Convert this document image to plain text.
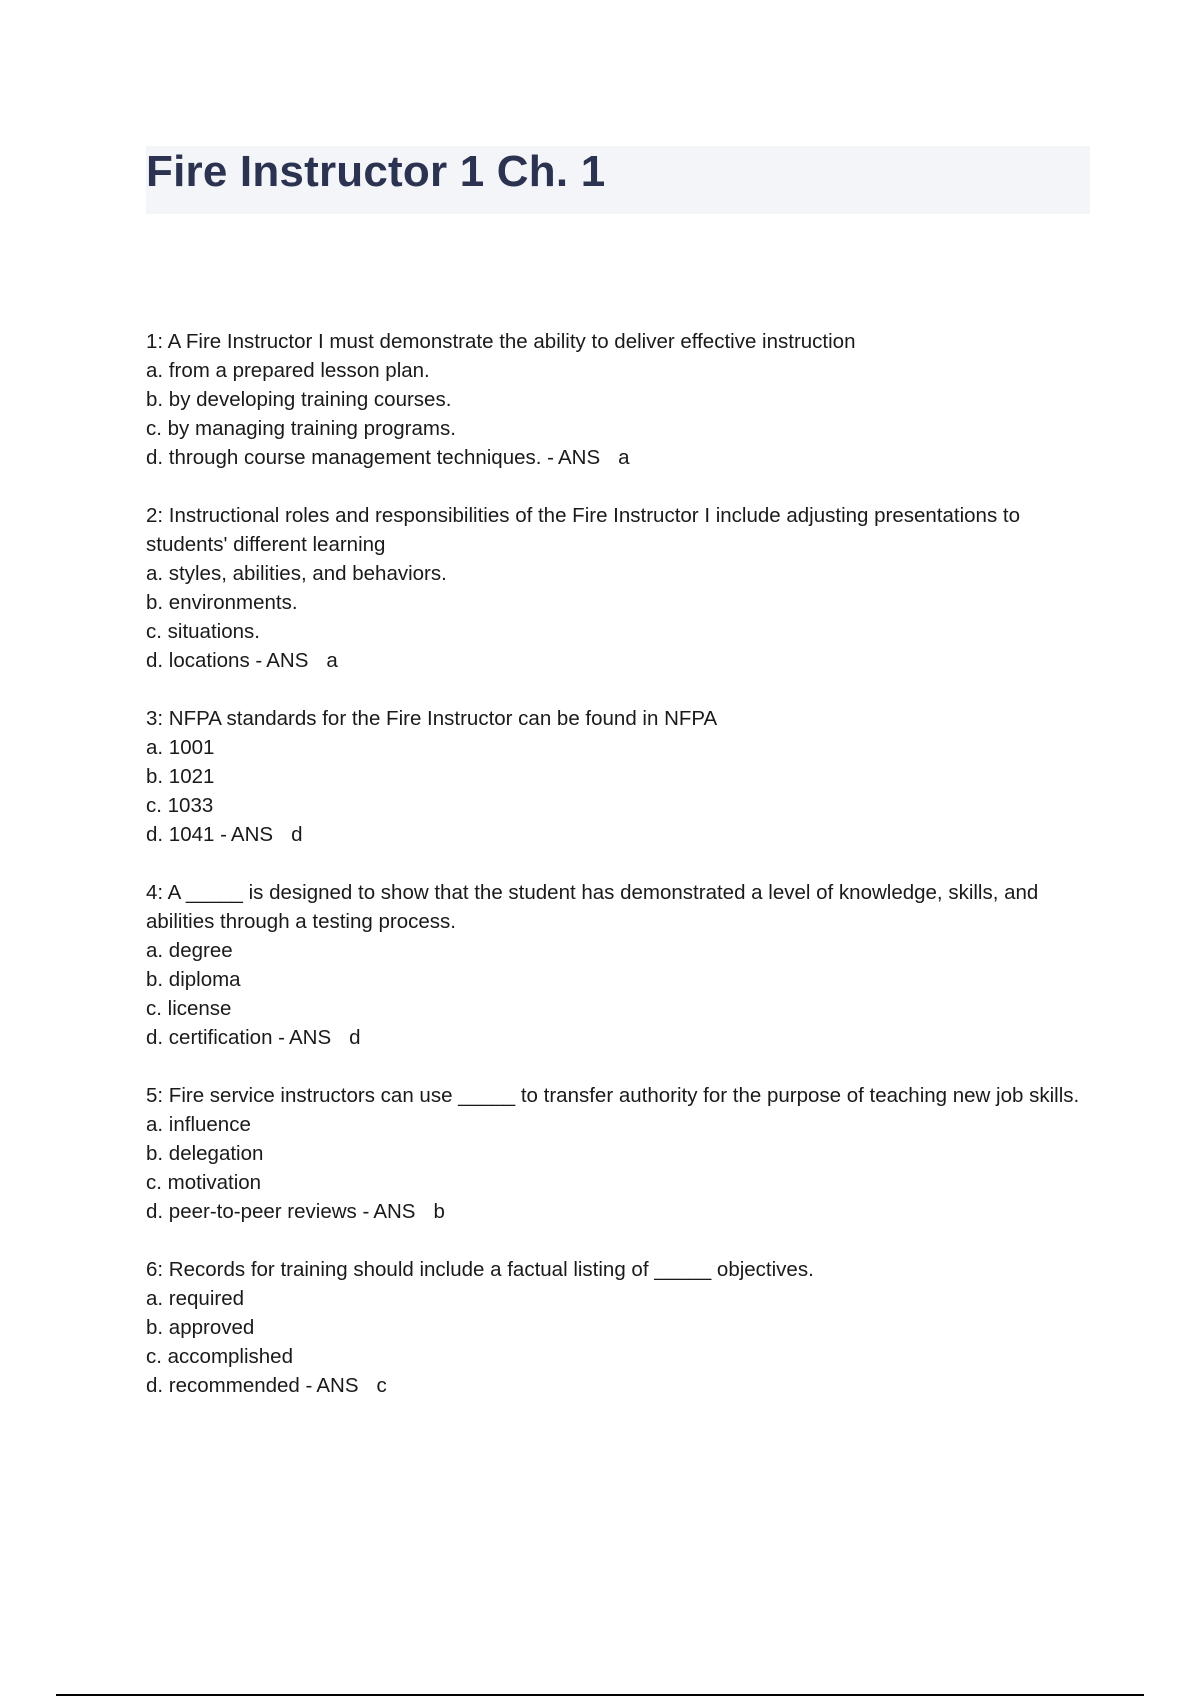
Fire Instructor 1 Ch. 1
1: A Fire Instructor I must demonstrate the ability to deliver effective instruction
a. from a prepared lesson plan.
b. by developing training courses.
c. by managing training programs.
d. through course management techniques. - ANS a
2: Instructional roles and responsibilities of the Fire Instructor I include adjusting presentations to students' different learning
a. styles, abilities, and behaviors.
b. environments.
c. situations.
d. locations - ANS a
3: NFPA standards for the Fire Instructor can be found in NFPA
a. 1001
b. 1021
c. 1033
d. 1041 - ANS d
4: A _____ is designed to show that the student has demonstrated a level of knowledge, skills, and abilities through a testing process.
a. degree
b. diploma
c. license
d. certification - ANS d
5: Fire service instructors can use _____ to transfer authority for the purpose of teaching new job skills.
a. influence
b. delegation
c. motivation
d. peer-to-peer reviews - ANS b
6: Records for training should include a factual listing of _____ objectives.
a. required
b. approved
c. accomplished
d. recommended - ANS c
